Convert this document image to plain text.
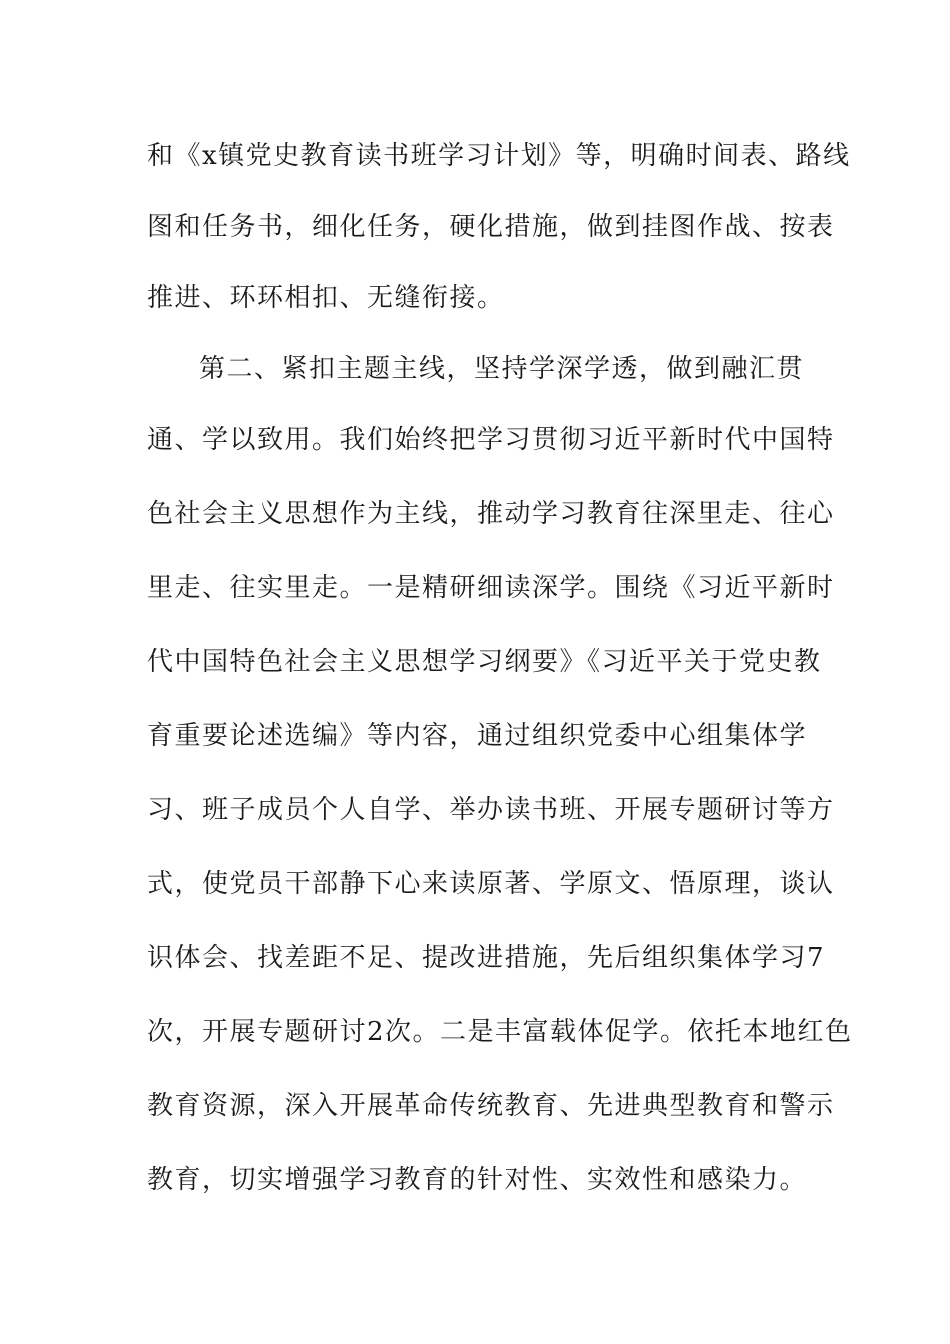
和《x镇党史教育读书班学习计划》等，明确时间表、路线
图和任务书，细化任务，硬化措施，做到挂图作战、按表
推进、环环相扣、无缝衔接。
第二、紧扣主题主线，坚持学深学透，做到融汇贯
通、学以致用。我们始终把学习贯彻习近平新时代中国特
色社会主义思想作为主线，推动学习教育往深里走、往心
里走、往实里走。一是精研细读深学。围绕《习近平新时
代中国特色社会主义思想学习纲要》《习近平关于党史教
育重要论述选编》等内容，通过组织党委中心组集体学
习、班子成员个人自学、举办读书班、开展专题研讨等方
式，使党员干部静下心来读原著、学原文、悟原理，谈认
识体会、找差距不足、提改进措施，先后组织集体学习7
次，开展专题研讨2次。二是丰富载体促学。依托本地红色
教育资源，深入开展革命传统教育、先进典型教育和警示
教育，切实增强学习教育的针对性、实效性和感染力。
